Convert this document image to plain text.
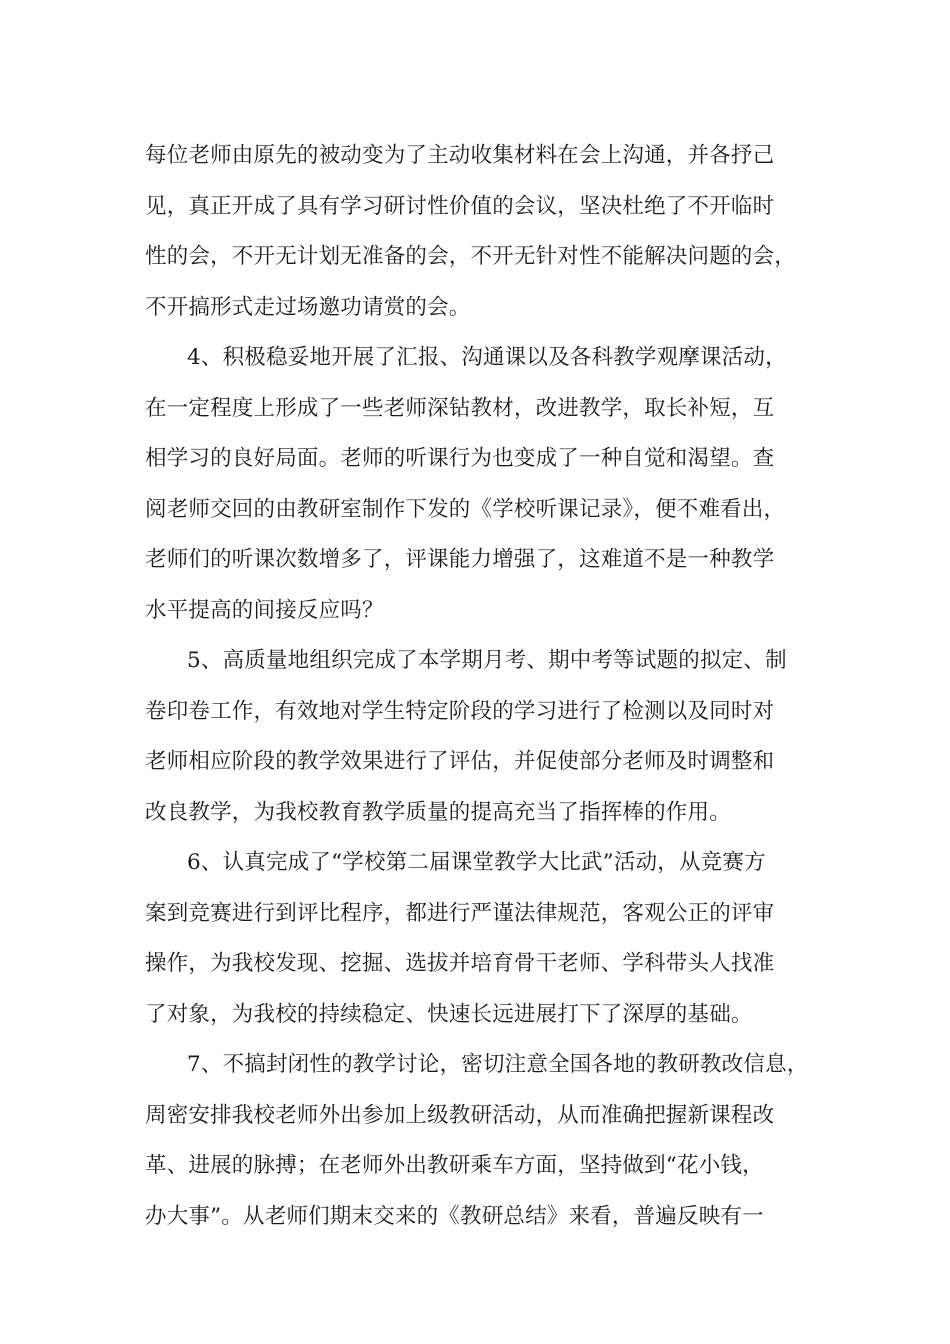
每位老师由原先的被动变为了主动收集材料在会上沟通，并各抒己
见，真正开成了具有学习研讨性价值的会议，坚决杜绝了不开临时
性的会，不开无计划无准备的会，不开无针对性不能解决问题的会，
不开搞形式走过场邀功请赏的会。
4、积极稳妥地开展了汇报、沟通课以及各科教学观摩课活动，
在一定程度上形成了一些老师深钻教材，改进教学，取长补短，互
相学习的良好局面。老师的听课行为也变成了一种自觉和渴望。查
阅老师交回的由教研室制作下发的《学校听课记录》，便不难看出，
老师们的听课次数增多了，评课能力增强了，这难道不是一种教学
水平提高的间接反应吗？
5、高质量地组织完成了本学期月考、期中考等试题的拟定、制
卷印卷工作，有效地对学生特定阶段的学习进行了检测以及同时对
老师相应阶段的教学效果进行了评估，并促使部分老师及时调整和
改良教学，为我校教育教学质量的提高充当了指挥棒的作用。
6、认真完成了“学校第二届课堂教学大比武”活动，从竞赛方
案到竞赛进行到评比程序，都进行严谨法律规范，客观公正的评审
操作，为我校发现、挖掘、选拔并培育骨干老师、学科带头人找准
了对象，为我校的持续稳定、快速长远进展打下了深厚的基础。
7、不搞封闭性的教学讨论，密切注意全国各地的教研教改信息，
周密安排我校老师外出参加上级教研活动，从而准确把握新课程改
革、进展的脉搏；在老师外出教研乘车方面，坚持做到“花小钱，
办大事”。从老师们期末交来的《教研总结》来看，普遍反映有一
